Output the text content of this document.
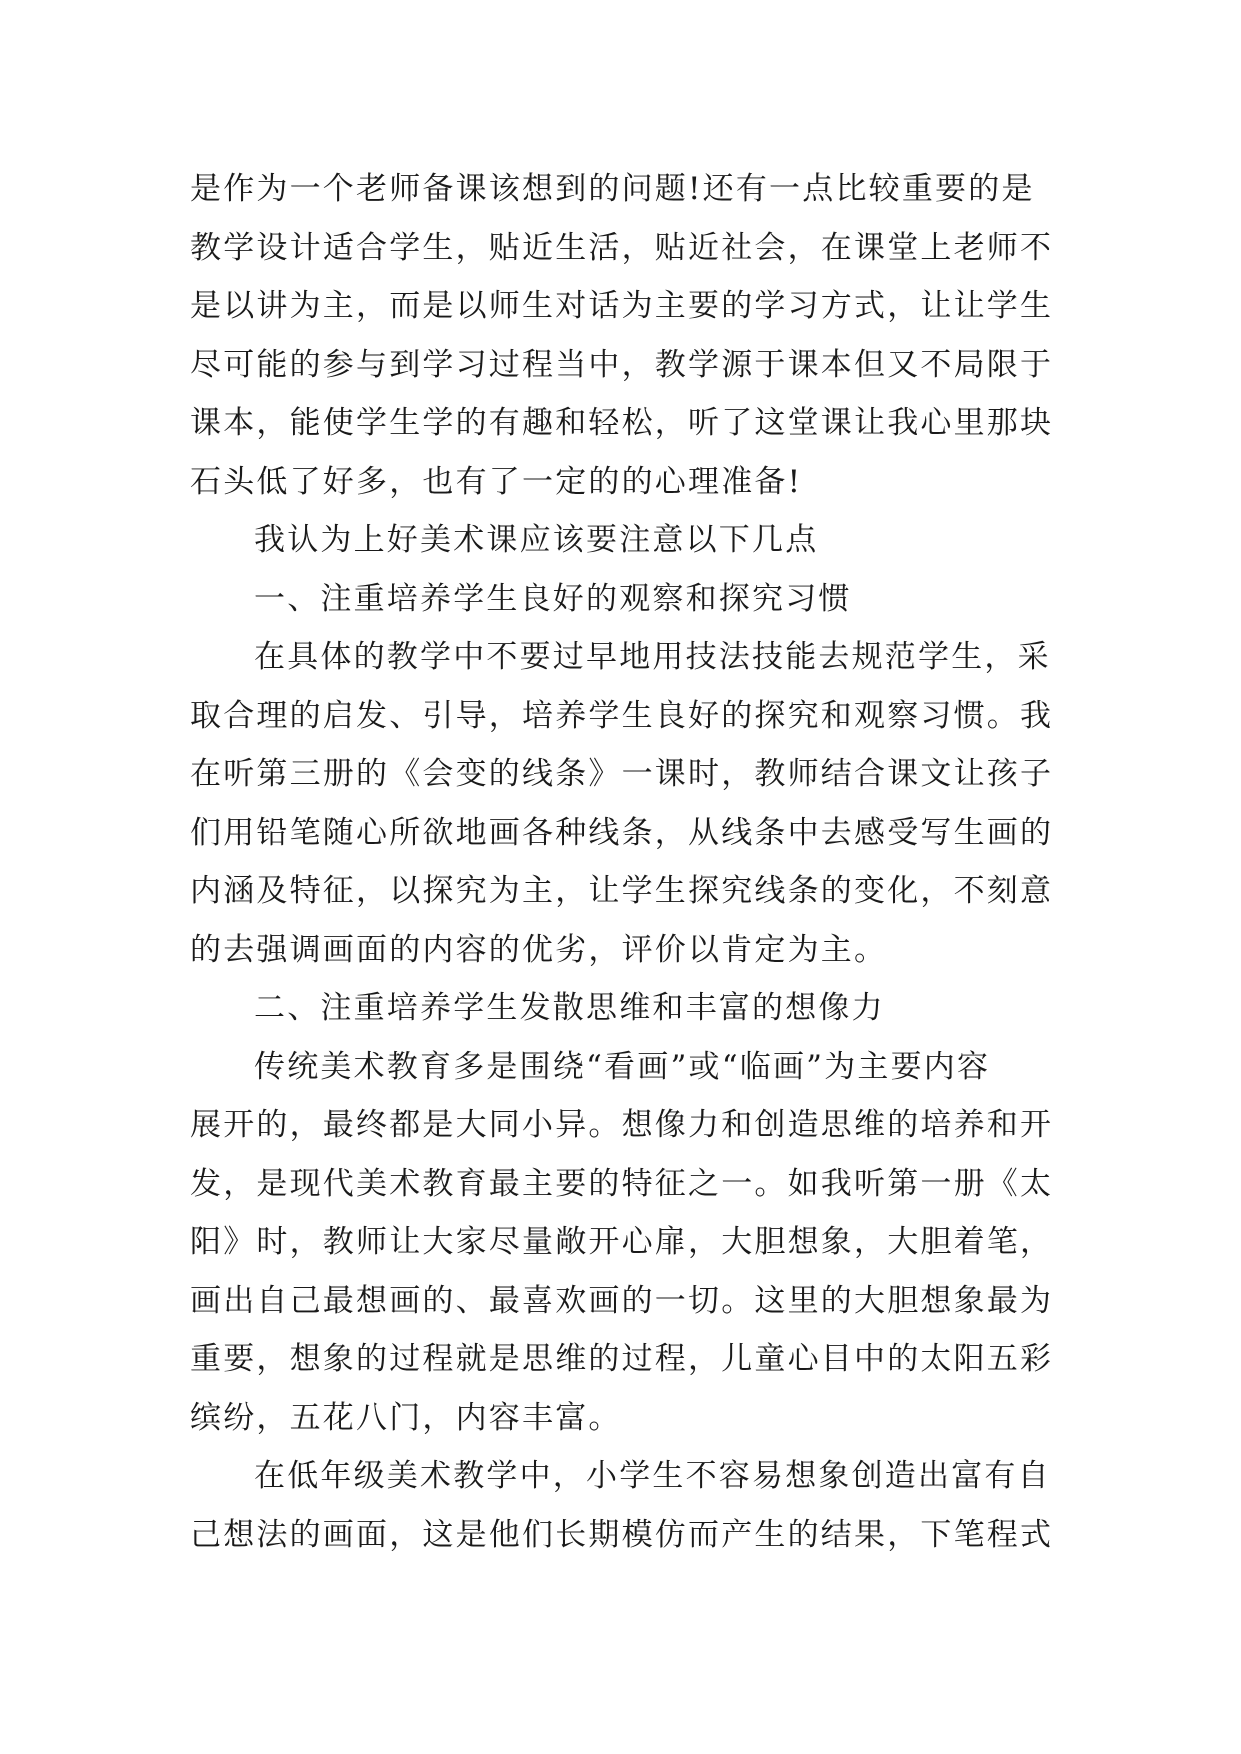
是作为一个老师备课该想到的问题!还有一点比较重要的是
教学设计适合学生，贴近生活，贴近社会，在课堂上老师不
是以讲为主，而是以师生对话为主要的学习方式，让让学生
尽可能的参与到学习过程当中，教学源于课本但又不局限于
课本，能使学生学的有趣和轻松，听了这堂课让我心里那块
石头低了好多，也有了一定的的心理准备!
我认为上好美术课应该要注意以下几点
一、注重培养学生良好的观察和探究习惯
在具体的教学中不要过早地用技法技能去规范学生，采
取合理的启发、引导，培养学生良好的探究和观察习惯。我
在听第三册的《会变的线条》一课时，教师结合课文让孩子
们用铅笔随心所欲地画各种线条，从线条中去感受写生画的
内涵及特征，以探究为主，让学生探究线条的变化，不刻意
的去强调画面的内容的优劣，评价以肯定为主。
二、注重培养学生发散思维和丰富的想像力
传统美术教育多是围绕“看画”或“临画”为主要内容
展开的，最终都是大同小异。想像力和创造思维的培养和开
发，是现代美术教育最主要的特征之一。如我听第一册《太
阳》时，教师让大家尽量敞开心扉，大胆想象，大胆着笔，
画出自己最想画的、最喜欢画的一切。这里的大胆想象最为
重要，想象的过程就是思维的过程，儿童心目中的太阳五彩
缤纷，五花八门，内容丰富。
在低年级美术教学中，小学生不容易想象创造出富有自
己想法的画面，这是他们长期模仿而产生的结果，下笔程式
